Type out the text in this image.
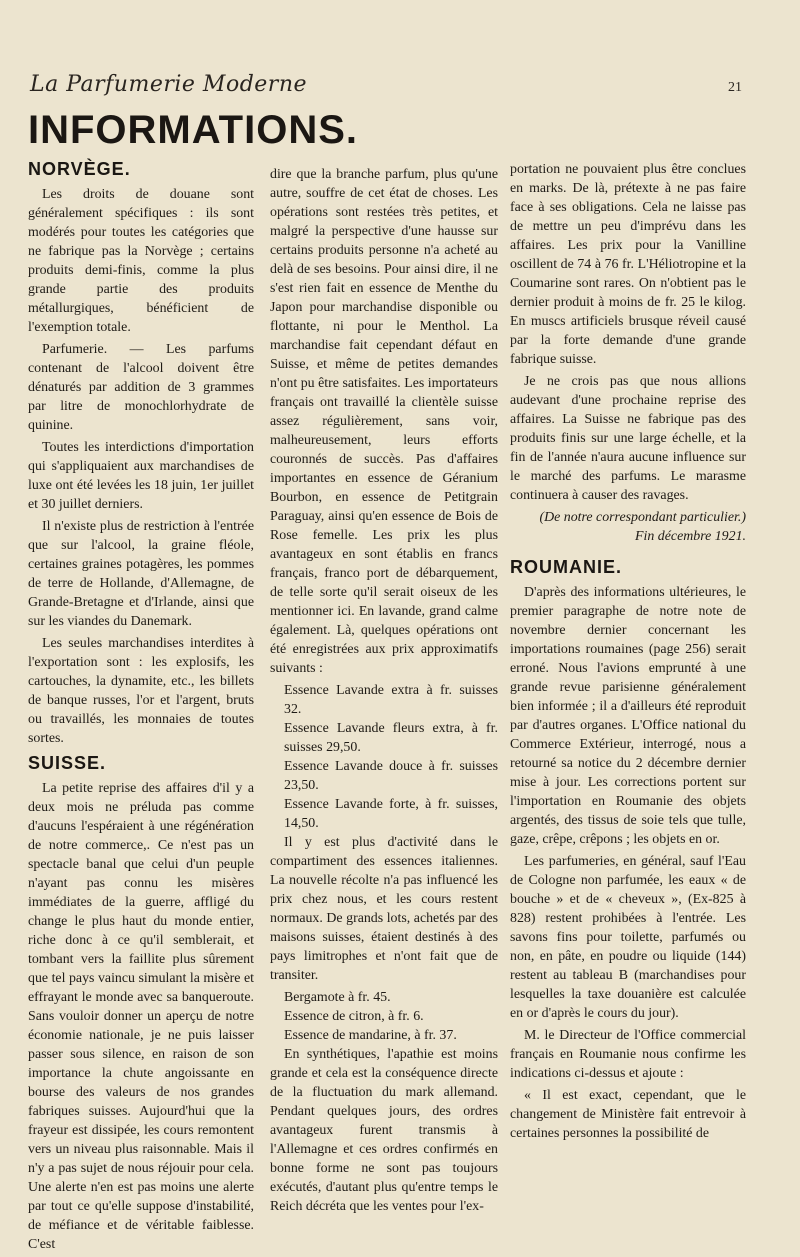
La Parfumerie Moderne	21
INFORMATIONS.
NORVÈGE.

Les droits de douane sont généralement spécifiques : ils sont modérés pour toutes les catégories que ne fabrique pas la Norvège ; certains produits demi-finis, comme la plus grande partie des produits métallurgiques, bénéficient de l'exemption totale.

Parfumerie. — Les parfums contenant de l'alcool doivent être dénaturés par addition de 3 grammes par litre de monochlorhydrate de quinine.

Toutes les interdictions d'importation qui s'appliquaient aux marchandises de luxe ont été levées les 18 juin, 1er juillet et 30 juillet derniers.

Il n'existe plus de restriction à l'entrée que sur l'alcool, la graine fléole, certaines graines potagères, les pommes de terre de Hollande, d'Allemagne, de Grande-Bretagne et d'Irlande, ainsi que sur les viandes du Danemark.

Les seules marchandises interdites à l'exportation sont : les explosifs, les cartouches, la dynamite, etc., les billets de banque russes, l'or et l'argent, bruts ou travaillés, les monnaies de toutes sortes.

SUISSE.

La petite reprise des affaires d'il y a deux mois ne préluda pas comme d'aucuns l'espéraient à une régénération de notre commerce,. Ce n'est pas un spectacle banal que celui d'un peuple n'ayant pas connu les misères immédiates de la guerre, affligé du change le plus haut du monde entier, riche donc à ce qu'il semblerait, et tombant vers la faillite plus sûrement que tel pays vaincu simulant la misère et effrayant le monde avec sa banqueroute. Sans vouloir donner un aperçu de notre économie nationale, je ne puis laisser passer sous silence, en raison de son importance la chute angoissante en bourse des valeurs de nos grandes fabriques suisses. Aujourd'hui que la frayeur est dissipée, les cours remontent vers un niveau plus raisonnable. Mais il n'y a pas sujet de nous réjouir pour cela. Une alerte n'en est pas moins une alerte par tout ce qu'elle suppose d'instabilité, de méfiance et de véritable faiblesse. C'est

dire que la branche parfum, plus qu'une autre, souffre de cet état de choses. Les opérations sont restées très petites, et malgré la perspective d'une hausse sur certains produits personne n'a acheté au delà de ses besoins. Pour ainsi dire, il ne s'est rien fait en essence de Menthe du Japon pour marchandise disponible ou flottante, ni pour le Menthol. La marchandise fait cependant défaut en Suisse, et même de petites demandes n'ont pu être satisfaites. Les importateurs français ont travaillé la clientèle suisse assez régulièrement, sans voir, malheureusement, leurs efforts couronnés de succès. Pas d'affaires importantes en essence de Géranium Bourbon, en essence de Petitgrain Paraguay, ainsi qu'en essence de Bois de Rose femelle. Les prix les plus avantageux en sont établis en francs français, franco port de débarquement, de telle sorte qu'il serait oiseux de les mentionner ici. En lavande, grand calme également. Là, quelques opérations ont été enregistrées aux prix approximatifs suivants :

Essence Lavande extra à fr. suisses 32.

Essence Lavande fleurs extra, à fr. suisses 29,50.

Essence Lavande douce à fr. suisses 23,50.

Essence Lavande forte, à fr. suisses, 14,50.

Il y est plus d'activité dans le compartiment des essences italiennes. La nouvelle récolte n'a pas influencé les prix chez nous, et les cours restent normaux. De grands lots, achetés par des maisons suisses, étaient destinés à des pays limitrophes et n'ont fait que de transiter.

Bergamote à fr. 45.

Essence de citron, à fr. 6.

Essence de mandarine, à fr. 37.

En synthétiques, l'apathie est moins grande et cela est la conséquence directe de la fluctuation du mark allemand. Pendant quelques jours, des ordres avantageux furent transmis à l'Allemagne et ces ordres confirmés en bonne forme ne sont pas toujours exécutés, d'autant plus qu'entre temps le Reich décréta que les ventes pour l'ex-

portation ne pouvaient plus être conclues en marks. De là, prétexte à ne pas faire face à ses obligations. Cela ne laisse pas de mettre un peu d'imprévu dans les affaires. Les prix pour la Vanilline oscillent de 74 à 76 fr. L'Héliotropine et la Coumarine sont rares. On n'obtient pas le dernier produit à moins de fr. 25 le kilog. En muscs artificiels brusque réveil causé par la forte demande d'une grande fabrique suisse.

Je ne crois pas que nous allions audevant d'une prochaine reprise des affaires. La Suisse ne fabrique pas des produits finis sur une large échelle, et la fin de l'année n'aura aucune influence sur le marché des parfums. Le marasme continuera à causer des ravages.

(De notre correspondant particulier.)

Fin décembre 1921.

ROUMANIE.

D'après des informations ultérieures, le premier paragraphe de notre note de novembre dernier concernant les importations roumaines (page 256) serait erroné. Nous l'avions emprunté à une grande revue parisienne généralement bien informée ; il a d'ailleurs été reproduit par d'autres organes. L'Office national du Commerce Extérieur, interrogé, nous a retourné sa notice du 2 décembre dernier mise à jour. Les corrections portent sur l'importation en Roumanie des objets argentés, des tissus de soie tels que tulle, gaze, crêpe, crêpons ; les objets en or.

Les parfumeries, en général, sauf l'Eau de Cologne non parfumée, les eaux « de bouche » et de « cheveux », (Ex-825 à 828) restent prohibées à l'entrée. Les savons fins pour toilette, parfumés ou non, en pâte, en poudre ou liquide (144) restent au tableau B (marchandises pour lesquelles la taxe douanière est calculée en or d'après le cours du jour).

M. le Directeur de l'Office commercial français en Roumanie nous confirme les indications ci-dessus et ajoute :

« Il est exact, cependant, que le changement de Ministère fait entrevoir à certaines personnes la possibilité de
